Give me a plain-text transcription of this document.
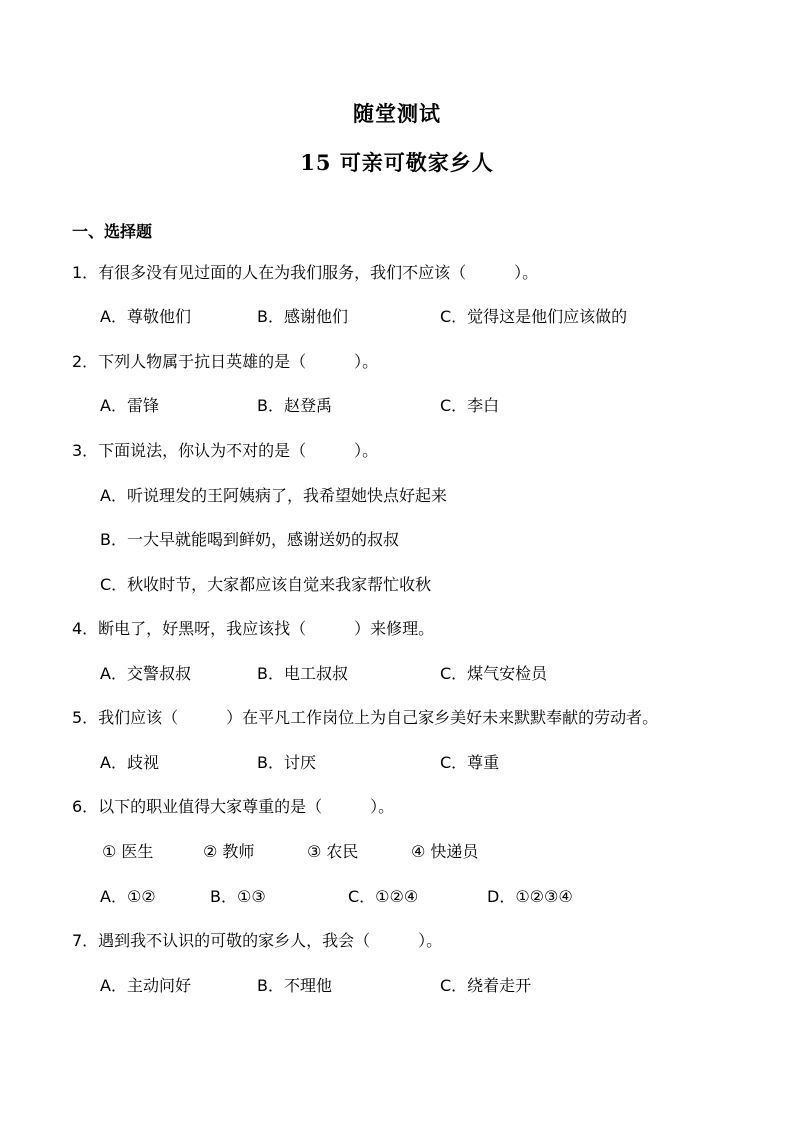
随堂测试
15 可亲可敬家乡人
一、选择题
1．有很多没有见过面的人在为我们服务，我们不应该（　　　）。
A．尊敬他们	B．感谢他们	C．觉得这是他们应该做的
2．下列人物属于抗日英雄的是（　　　）。
A．雷锋	B．赵登禹	C．李白
3．下面说法，你认为不对的是（　　　）。
A．听说理发的王阿姨病了，我希望她快点好起来
B．一大早就能喝到鲜奶，感谢送奶的叔叔
C．秋收时节，大家都应该自觉来我家帮忙收秋
4．断电了，好黑呀，我应该找（　　　）来修理。
A．交警叔叔	B．电工叔叔	C．煤气安检员
5．我们应该（　　　）在平凡工作岗位上为自己家乡美好未来默默奉献的劳动者。
A．歧视	B．讨厌	C．尊重
6．以下的职业值得大家尊重的是（　　　）。
① 医生	② 教师	③ 农民	④ 快递员
A．①②	B．①③	C．①②④	D．①②③④
7．遇到我不认识的可敬的家乡人，我会（　　　）。
A．主动问好	B．不理他	C．绕着走开
